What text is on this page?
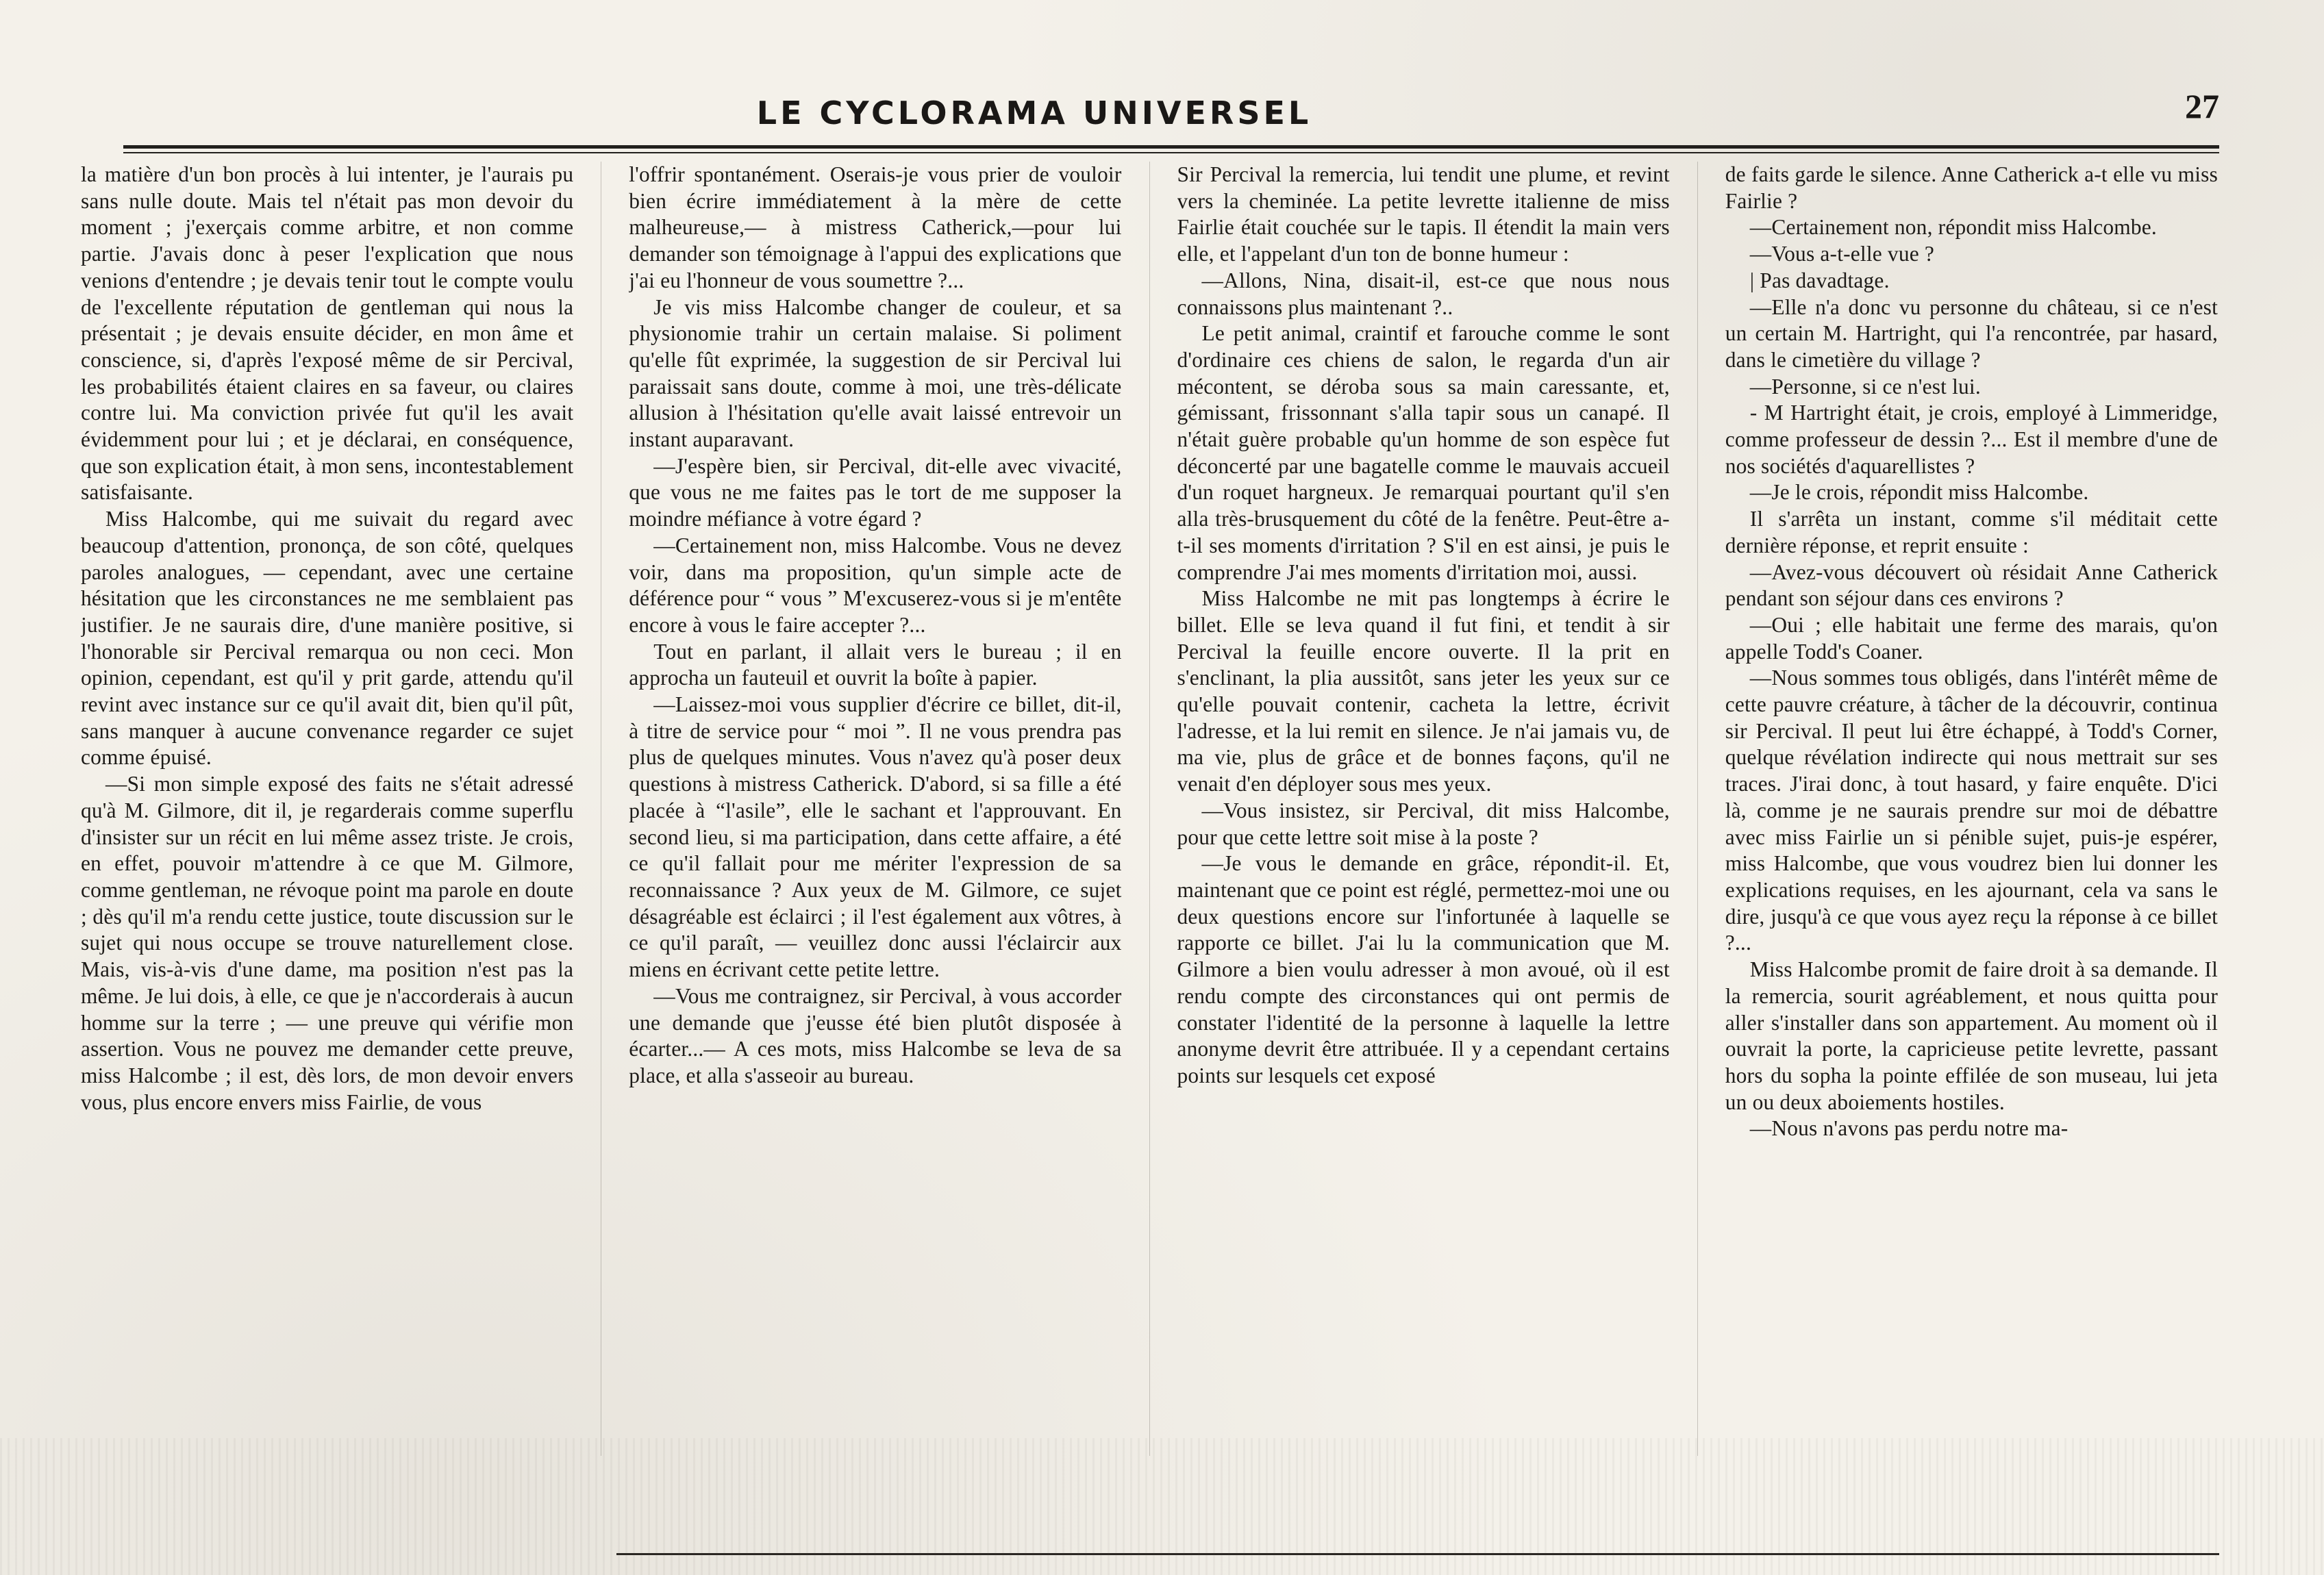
LE CYCLORAMA UNIVERSEL	27

la matière d'un bon procès à lui intenter, je l'aurais pu sans nulle doute. Mais tel n'était pas mon devoir du moment ; j'exerçais comme arbitre, et non comme partie. J'avais donc à peser l'explication que nous venions d'entendre ; je devais tenir tout le compte voulu de l'excellente réputation de gentleman qui nous la présentait ; je devais ensuite décider, en mon âme et conscience, si, d'après l'exposé même de sir Percival, les probabilités étaient claires en sa faveur, ou claires contre lui. Ma conviction privée fut qu'il les avait évidemment pour lui ; et je déclarai, en conséquence, que son explication était, à mon sens, incontestablement satisfaisante.

Miss Halcombe, qui me suivait du regard avec beaucoup d'attention, prononça, de son côté, quelques paroles analogues, — cependant, avec une certaine hésitation que les circonstances ne me semblaient pas justifier. Je ne saurais dire, d'une manière positive, si l'honorable sir Percival remarqua ou non ceci. Mon opinion, cependant, est qu'il y prit garde, attendu qu'il revint avec instance sur ce qu'il avait dit, bien qu'il pût, sans manquer à aucune convenance regarder ce sujet comme épuisé.

—Si mon simple exposé des faits ne s'était adressé qu'à M. Gilmore, dit il, je regarderais comme superflu d'insister sur un récit en lui même assez triste. Je crois, en effet, pouvoir m'attendre à ce que M. Gilmore, comme gentleman, ne révoque point ma parole en doute ; dès qu'il m'a rendu cette justice, toute discussion sur le sujet qui nous occupe se trouve naturellement close. Mais, vis-à-vis d'une dame, ma position n'est pas la même. Je lui dois, à elle, ce que je n'accorderais à aucun homme sur la terre ; — une preuve qui vérifie mon assertion. Vous ne pouvez me demander cette preuve, miss Halcombe ; il est, dès lors, de mon devoir envers vous, plus encore envers miss Fairlie, de vous

l'offrir spontanément. Oserais-je vous prier de vouloir bien écrire immédiatement à la mère de cette malheureuse,— à mistress Catherick,—pour lui demander son témoignage à l'appui des explications que j'ai eu l'honneur de vous soumettre ?...

Je vis miss Halcombe changer de couleur, et sa physionomie trahir un certain malaise. Si poliment qu'elle fût exprimée, la suggestion de sir Percival lui paraissait sans doute, comme à moi, une très-délicate allusion à l'hésitation qu'elle avait laissé entrevoir un instant auparavant.

—J'espère bien, sir Percival, dit-elle avec vivacité, que vous ne me faites pas le tort de me supposer la moindre méfiance à votre égard ?

—Certainement non, miss Halcombe. Vous ne devez voir, dans ma proposition, qu'un simple acte de déférence pour “ vous ” M'excuserez-vous si je m'entête encore à vous le faire accepter ?...

Tout en parlant, il allait vers le bureau ; il en approcha un fauteuil et ouvrit la boîte à papier.

—Laissez-moi vous supplier d'écrire ce billet, dit-il, à titre de service pour “ moi ”. Il ne vous prendra pas plus de quelques minutes. Vous n'avez qu'à poser deux questions à mistress Catherick. D'abord, si sa fille a été placée à “l'asile”, elle le sachant et l'approuvant. En second lieu, si ma participation, dans cette affaire, a été ce qu'il fallait pour me mériter l'expression de sa reconnaissance ? Aux yeux de M. Gilmore, ce sujet désagréable est éclairci ; il l'est également aux vôtres, à ce qu'il paraît, — veuillez donc aussi l'éclaircir aux miens en écrivant cette petite lettre.

—Vous me contraignez, sir Percival, à vous accorder une demande que j'eusse été bien plutôt disposée à écarter...— A ces mots, miss Halcombe se leva de sa place, et alla s'asseoir au bureau.

Sir Percival la remercia, lui tendit une plume, et revint vers la cheminée. La petite levrette italienne de miss Fairlie était couchée sur le tapis. Il étendit la main vers elle, et l'appelant d'un ton de bonne humeur :

—Allons, Nina, disait-il, est-ce que nous nous connaissons plus maintenant ?..

Le petit animal, craintif et farouche comme le sont d'ordinaire ces chiens de salon, le regarda d'un air mécontent, se déroba sous sa main caressante, et, gémissant, frissonnant s'alla tapir sous un canapé. Il n'était guère probable qu'un homme de son espèce fut déconcerté par une bagatelle comme le mauvais accueil d'un roquet hargneux. Je remarquai pourtant qu'il s'en alla très-brusquement du côté de la fenêtre. Peut-être a-t-il ses moments d'irritation ? S'il en est ainsi, je puis le comprendre J'ai mes moments d'irritation moi, aussi.

Miss Halcombe ne mit pas longtemps à écrire le billet. Elle se leva quand il fut fini, et tendit à sir Percival la feuille encore ouverte. Il la prit en s'enclinant, la plia aussitôt, sans jeter les yeux sur ce qu'elle pouvait contenir, cacheta la lettre, écrivit l'adresse, et la lui remit en silence. Je n'ai jamais vu, de ma vie, plus de grâce et de bonnes façons, qu'il ne venait d'en déployer sous mes yeux.

—Vous insistez, sir Percival, dit miss Halcombe, pour que cette lettre soit mise à la poste ?

—Je vous le demande en grâce, répondit-il. Et, maintenant que ce point est réglé, permettez-moi une ou deux questions encore sur l'infortunée à laquelle se rapporte ce billet. J'ai lu la communication que M. Gilmore a bien voulu adresser à mon avoué, où il est rendu compte des circonstances qui ont permis de constater l'identité de la personne à laquelle la lettre anonyme devrit être attribuée. Il y a cependant certains points sur lesquels cet exposé

de faits garde le silence. Anne Catherick a-t elle vu miss Fairlie ?

—Certainement non, répondit miss Halcombe.

—Vous a-t-elle vue ?

| Pas davadtage.

—Elle n'a donc vu personne du château, si ce n'est un certain M. Hartright, qui l'a rencontrée, par hasard, dans le cimetière du village ?

—Personne, si ce n'est lui.

- M Hartright était, je crois, employé à Limmeridge, comme professeur de dessin ?... Est il membre d'une de nos sociétés d'aquarellistes ?

—Je le crois, répondit miss Halcombe.

Il s'arrêta un instant, comme s'il méditait cette dernière réponse, et reprit ensuite :

—Avez-vous découvert où résidait Anne Catherick pendant son séjour dans ces environs ?

—Oui ; elle habitait une ferme des marais, qu'on appelle Todd's Coaner.

—Nous sommes tous obligés, dans l'intérêt même de cette pauvre créature, à tâcher de la découvrir, continua sir Percival. Il peut lui être échappé, à Todd's Corner, quelque révélation indirecte qui nous mettrait sur ses traces. J'irai donc, à tout hasard, y faire enquête. D'ici là, comme je ne saurais prendre sur moi de débattre avec miss Fairlie un si pénible sujet, puis-je espérer, miss Halcombe, que vous voudrez bien lui donner les explications requises, en les ajournant, cela va sans le dire, jusqu'à ce que vous ayez reçu la réponse à ce billet ?...

Miss Halcombe promit de faire droit à sa demande. Il la remercia, sourit agréablement, et nous quitta pour aller s'installer dans son appartement. Au moment où il ouvrait la porte, la capricieuse petite levrette, passant hors du sopha la pointe effilée de son museau, lui jeta un ou deux aboiements hostiles.

—Nous n'avons pas perdu notre ma-
